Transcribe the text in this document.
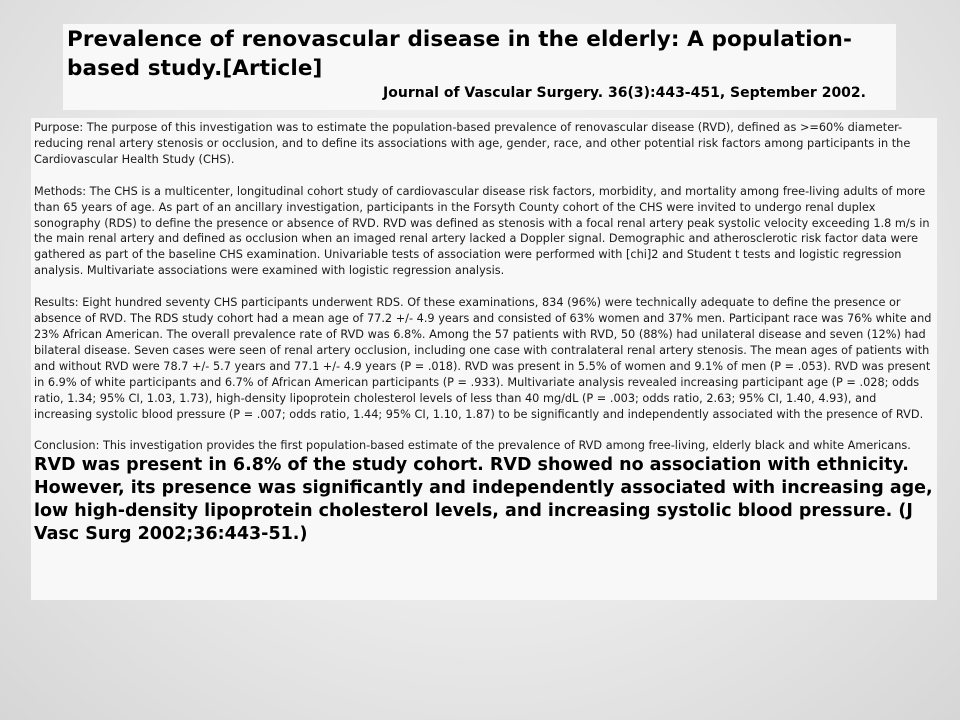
Prevalence of renovascular disease in the elderly: A population-based study.[Article]

Journal of Vascular Surgery. 36(3):443-451, September 2002.

Purpose: The purpose of this investigation was to estimate the population-based prevalence of renovascular disease (RVD), defined as >=60% diameter-reducing renal artery stenosis or occlusion, and to define its associations with age, gender, race, and other potential risk factors among participants in the Cardiovascular Health Study (CHS).

Methods: The CHS is a multicenter, longitudinal cohort study of cardiovascular disease risk factors, morbidity, and mortality among free-living adults of more than 65 years of age. As part of an ancillary investigation, participants in the Forsyth County cohort of the CHS were invited to undergo renal duplex sonography (RDS) to define the presence or absence of RVD. RVD was defined as stenosis with a focal renal artery peak systolic velocity exceeding 1.8 m/s in the main renal artery and defined as occlusion when an imaged renal artery lacked a Doppler signal. Demographic and atherosclerotic risk factor data were gathered as part of the baseline CHS examination. Univariable tests of association were performed with [chi]2 and Student t tests and logistic regression analysis. Multivariate associations were examined with logistic regression analysis.

Results: Eight hundred seventy CHS participants underwent RDS. Of these examinations, 834 (96%) were technically adequate to define the presence or absence of RVD. The RDS study cohort had a mean age of 77.2 +/- 4.9 years and consisted of 63% women and 37% men. Participant race was 76% white and 23% African American. The overall prevalence rate of RVD was 6.8%. Among the 57 patients with RVD, 50 (88%) had unilateral disease and seven (12%) had bilateral disease. Seven cases were seen of renal artery occlusion, including one case with contralateral renal artery stenosis. The mean ages of patients with and without RVD were 78.7 +/- 5.7 years and 77.1 +/- 4.9 years (P = .018). RVD was present in 5.5% of women and 9.1% of men (P = .053). RVD was present in 6.9% of white participants and 6.7% of African American participants (P = .933). Multivariate analysis revealed increasing participant age (P = .028; odds ratio, 1.34; 95% CI, 1.03, 1.73), high-density lipoprotein cholesterol levels of less than 40 mg/dL (P = .003; odds ratio, 2.63; 95% CI, 1.40, 4.93), and increasing systolic blood pressure (P = .007; odds ratio, 1.44; 95% CI, 1.10, 1.87) to be significantly and independently associated with the presence of RVD.

Conclusion: This investigation provides the first population-based estimate of the prevalence of RVD among free-living, elderly black and white Americans. RVD was present in 6.8% of the study cohort. RVD showed no association with ethnicity. However, its presence was significantly and independently associated with increasing age, low high-density lipoprotein cholesterol levels, and increasing systolic blood pressure. (J Vasc Surg 2002;36:443-51.)
